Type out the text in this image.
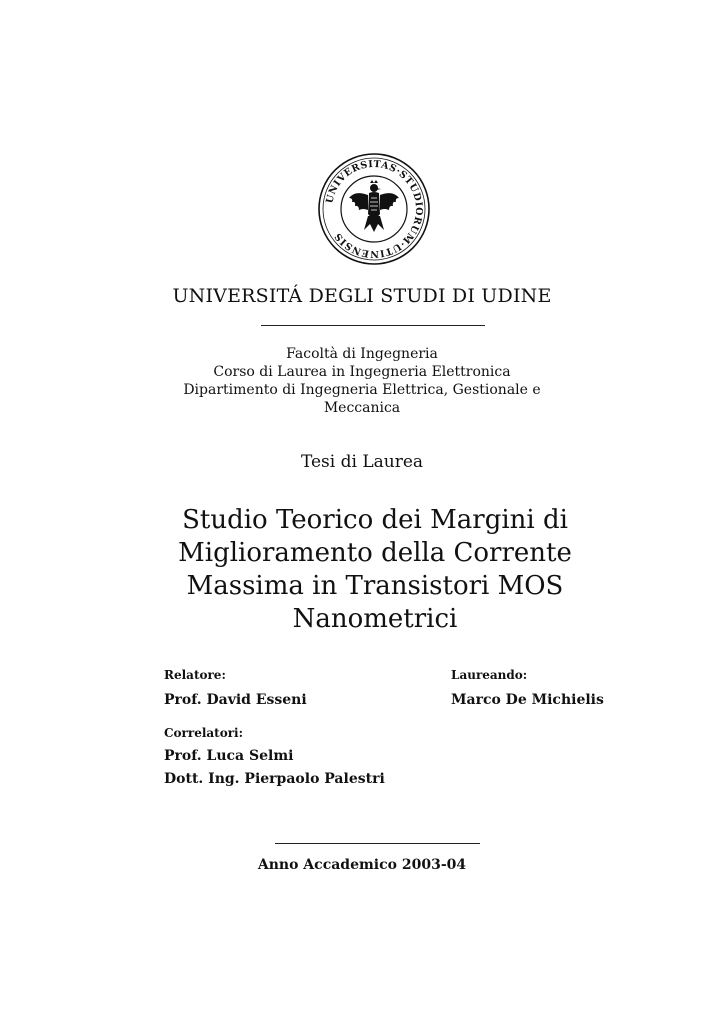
UNIVERSITAS·STUDIORUM·UTINENSIS
UNIVERSITÁ DEGLI STUDI DI UDINE
Facoltà di Ingegneria
Corso di Laurea in Ingegneria Elettronica
Dipartimento di Ingegneria Elettrica, Gestionale e
Meccanica
Tesi di Laurea
Studio Teorico dei Margini di
Miglioramento della Corrente
Massima in Transistori MOS
Nanometrici
Relatore:
Prof. David Esseni
Laureando:
Marco De Michielis
Correlatori:
Prof. Luca Selmi
Dott. Ing. Pierpaolo Palestri
Anno Accademico 2003-04
